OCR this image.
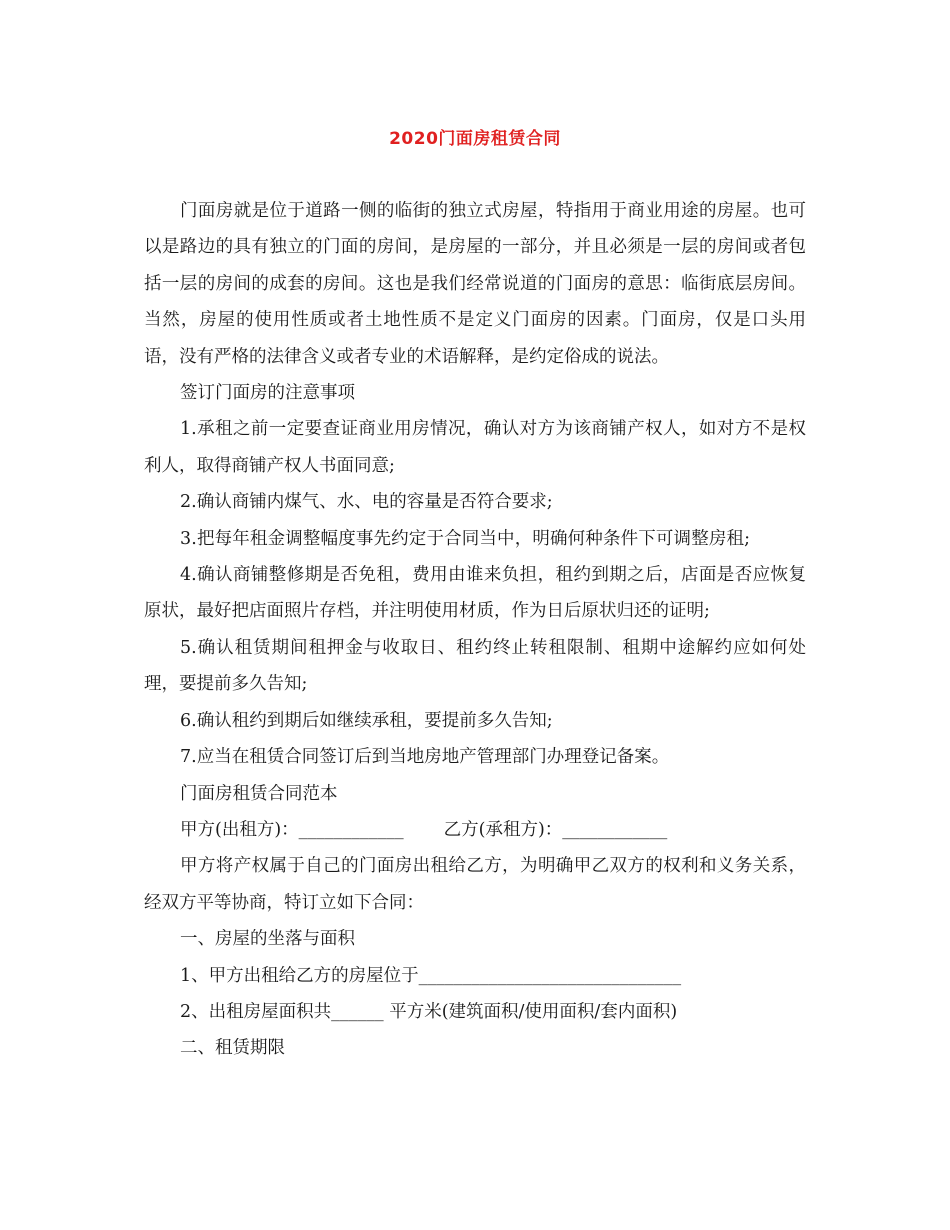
2020门面房租赁合同

门面房就是位于道路一侧的临街的独立式房屋，特指用于商业用途的房屋。也可以是路边的具有独立的门面的房间，是房屋的一部分，并且必须是一层的房间或者包括一层的房间的成套的房间。这也是我们经常说道的门面房的意思：临街底层房间。当然，房屋的使用性质或者土地性质不是定义门面房的因素。门面房，仅是口头用语，没有严格的法律含义或者专业的术语解释，是约定俗成的说法。

签订门面房的注意事项

1.承租之前一定要查证商业用房情况，确认对方为该商铺产权人，如对方不是权利人，取得商铺产权人书面同意;

2.确认商铺内煤气、水、电的容量是否符合要求;

3.把每年租金调整幅度事先约定于合同当中，明确何种条件下可调整房租;

4.确认商铺整修期是否免租，费用由谁来负担，租约到期之后，店面是否应恢复原状，最好把店面照片存档，并注明使用材质，作为日后原状归还的证明;

5.确认租赁期间租押金与收取日、租约终止转租限制、租期中途解约应如何处理，要提前多久告知;

6.确认租约到期后如继续承租，要提前多久告知;

7.应当在租赁合同签订后到当地房地产管理部门办理登记备案。

门面房租赁合同范本

甲方(出租方)：____________ 乙方(承租方)：____________

甲方将产权属于自己的门面房出租给乙方，为明确甲乙双方的权利和义务关系，经双方平等协商，特订立如下合同：

一、房屋的坐落与面积

1、甲方出租给乙方的房屋位于______________________________

2、出租房屋面积共______ 平方米(建筑面积/使用面积/套内面积)

二、租赁期限
